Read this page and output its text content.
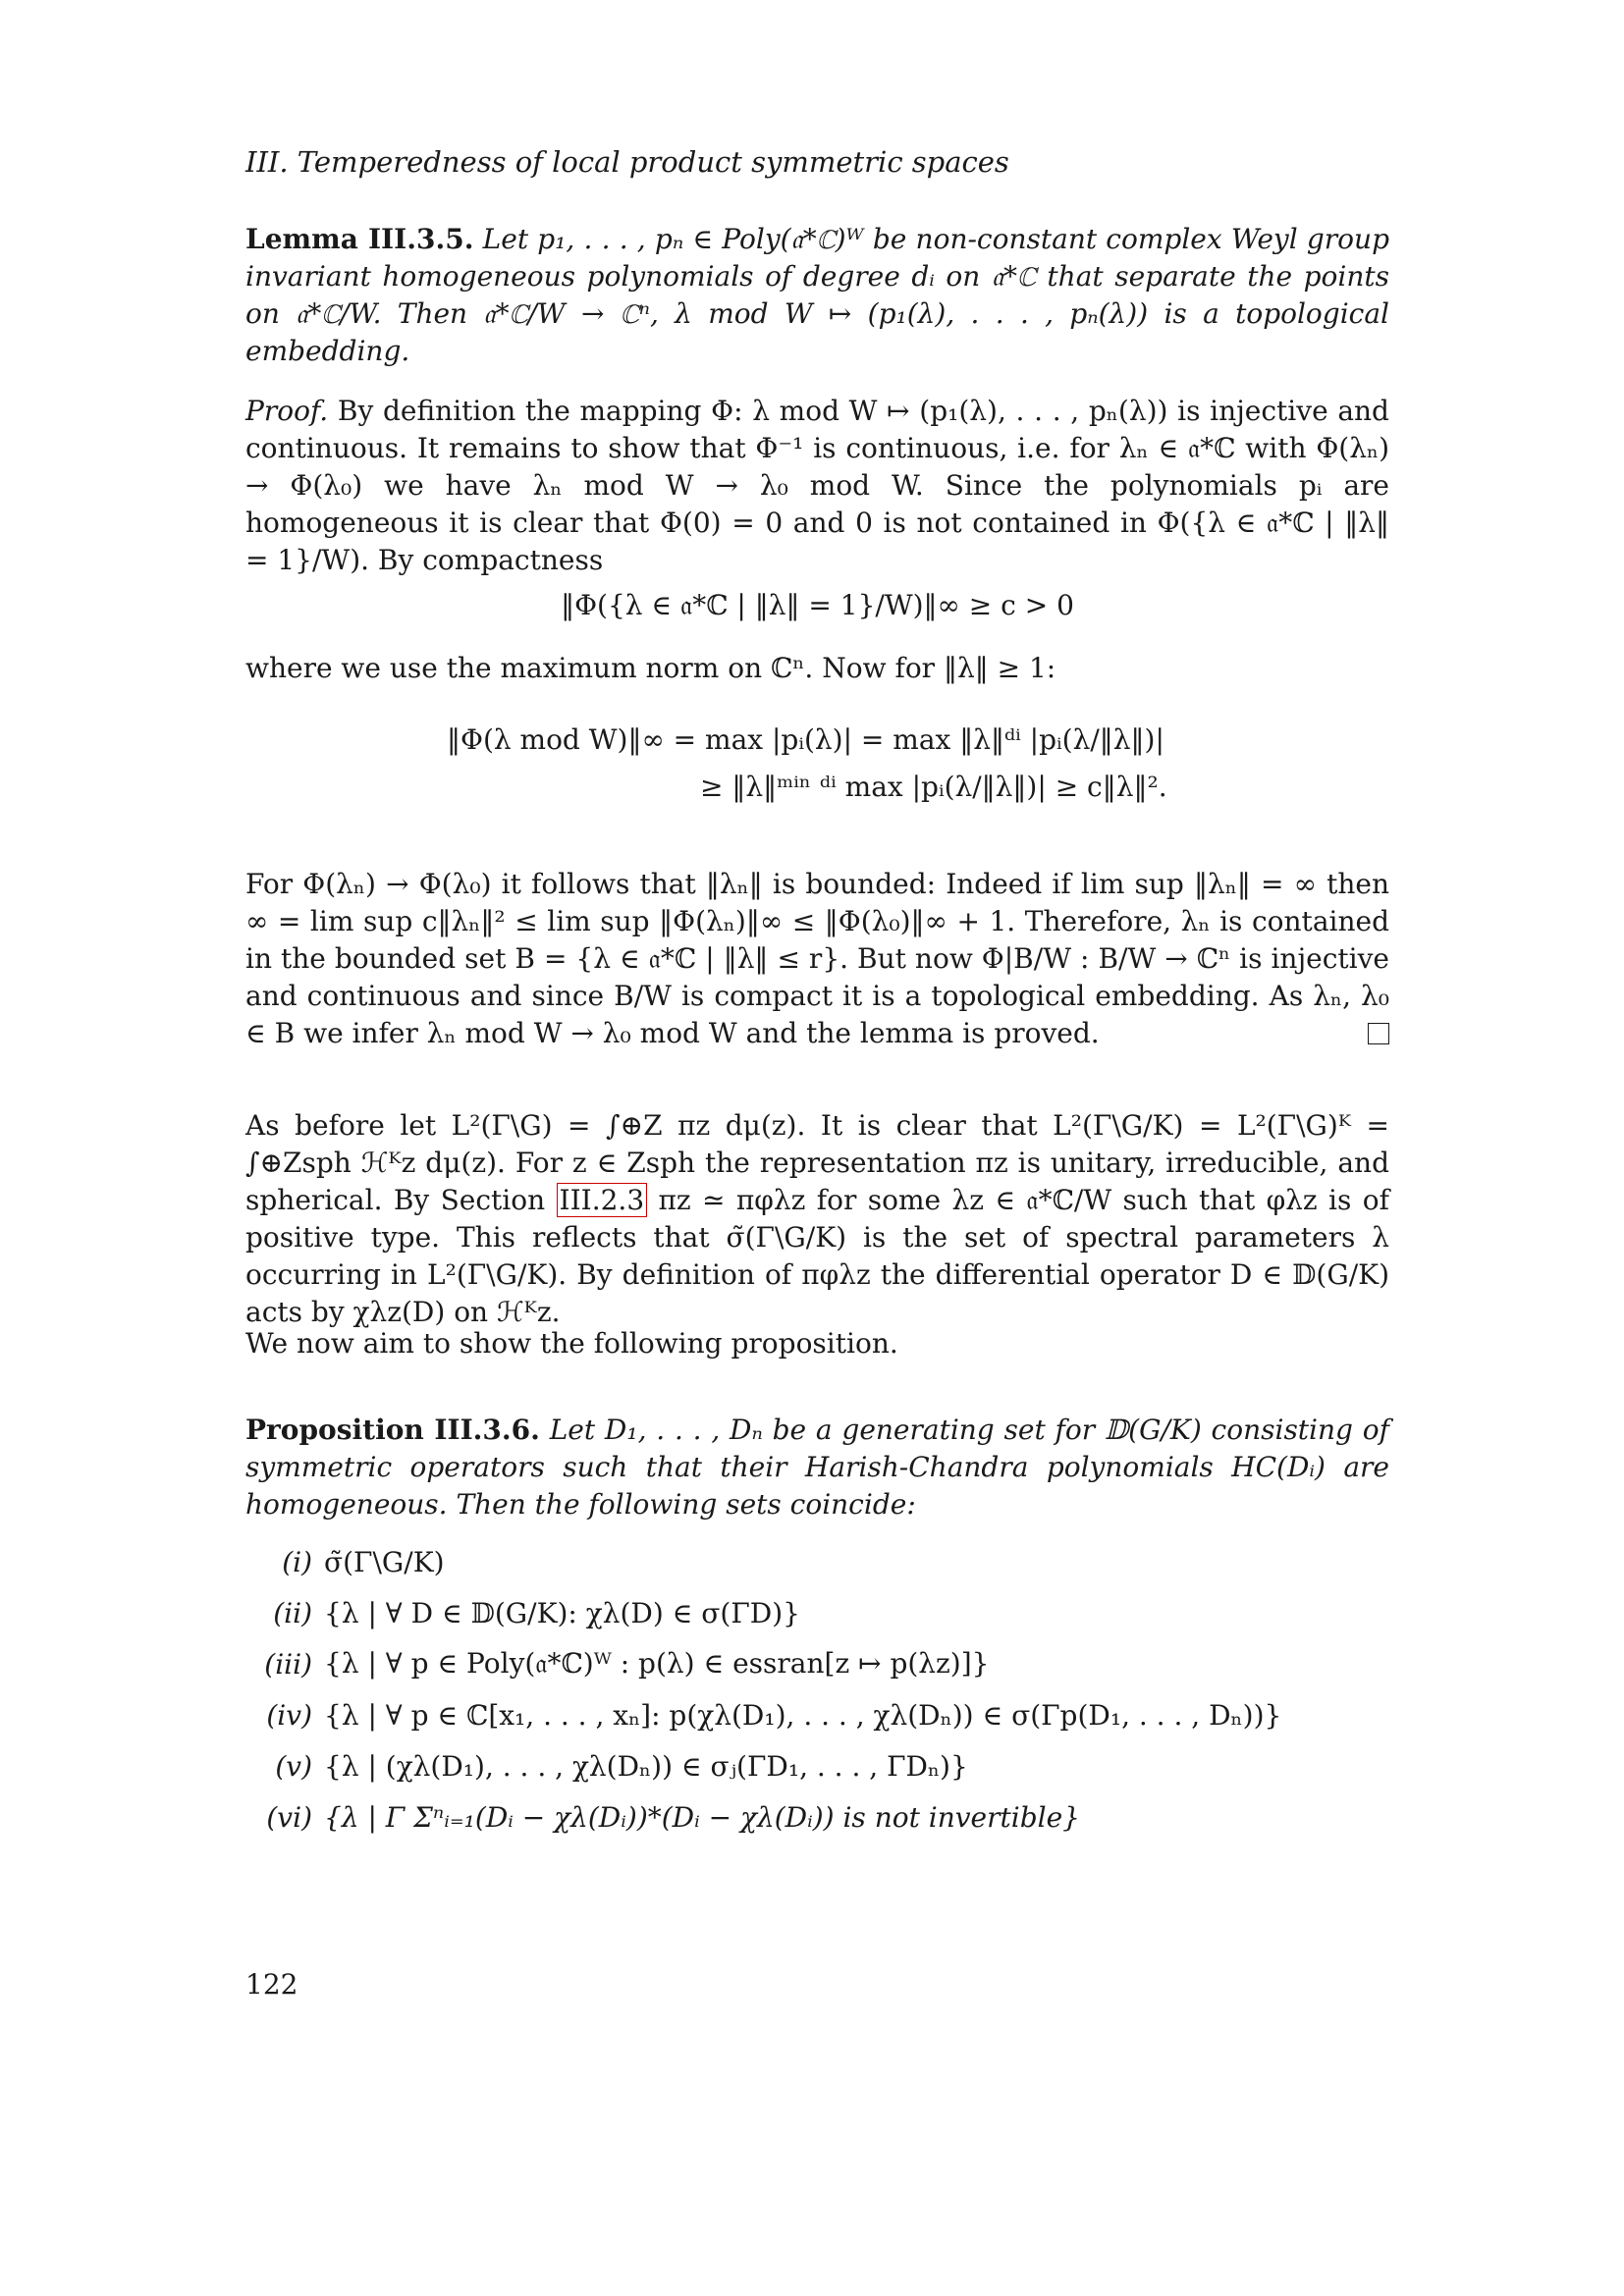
III. Temperedness of local product symmetric spaces
Lemma III.3.5. Let p₁, . . . , pₙ ∈ Poly(𝔞*ℂ)ᵂ be non-constant complex Weyl group invariant homogeneous polynomials of degree dᵢ on 𝔞*ℂ that separate the points on 𝔞*ℂ/W. Then 𝔞*ℂ/W → ℂⁿ, λ mod W ↦ (p₁(λ), . . . , pₙ(λ)) is a topological embedding.
Proof. By definition the mapping Φ: λ mod W ↦ (p₁(λ), . . . , pₙ(λ)) is injective and continuous. It remains to show that Φ⁻¹ is continuous, i.e. for λₙ ∈ 𝔞*ℂ with Φ(λₙ) → Φ(λ₀) we have λₙ mod W → λ₀ mod W. Since the polynomials pᵢ are homogeneous it is clear that Φ(0) = 0 and 0 is not contained in Φ({λ ∈ 𝔞*ℂ | ‖λ‖ = 1}/W). By compactness
‖Φ({λ ∈ 𝔞*ℂ | ‖λ‖ = 1}/W)‖∞ ≥ c > 0
where we use the maximum norm on ℂⁿ. Now for ‖λ‖ ≥ 1:
‖Φ(λ mod W)‖∞ = max |pᵢ(λ)| = max ‖λ‖ᵈⁱ |pᵢ(λ/‖λ‖)|
≥ ‖λ‖ᵐⁱⁿ ᵈⁱ max |pᵢ(λ/‖λ‖)| ≥ c‖λ‖².
For Φ(λₙ) → Φ(λ₀) it follows that ‖λₙ‖ is bounded: Indeed if lim sup ‖λₙ‖ = ∞ then ∞ = lim sup c‖λₙ‖² ≤ lim sup ‖Φ(λₙ)‖∞ ≤ ‖Φ(λ₀)‖∞ + 1. Therefore, λₙ is contained in the bounded set B = {λ ∈ 𝔞*ℂ | ‖λ‖ ≤ r}. But now Φ|B/W : B/W → ℂⁿ is injective and continuous and since B/W is compact it is a topological embedding. As λₙ, λ₀ ∈ B we infer λₙ mod W → λ₀ mod W and the lemma is proved.
As before let L²(Γ\G) = ∫⊕Z πz dμ(z). It is clear that L²(Γ\G/K) = L²(Γ\G)ᴷ = ∫⊕Zsph ℋᴷz dμ(z). For z ∈ Zsph the representation πz is unitary, irreducible, and spherical. By Section III.2.3 πz ≃ πφλz for some λz ∈ 𝔞*ℂ/W such that φλz is of positive type. This reflects that σ̃(Γ\G/K) is the set of spectral parameters λ occurring in L²(Γ\G/K). By definition of πφλz the differential operator D ∈ 𝔻(G/K) acts by χλz(D) on ℋᴷz.
We now aim to show the following proposition.
Proposition III.3.6. Let D₁, . . . , Dₙ be a generating set for 𝔻(G/K) consisting of symmetric operators such that their Harish-Chandra polynomials HC(Dᵢ) are homogeneous. Then the following sets coincide:
(i) σ̃(Γ\G/K)
(ii) {λ | ∀ D ∈ 𝔻(G/K): χλ(D) ∈ σ(ΓD)}
(iii) {λ | ∀ p ∈ Poly(𝔞*ℂ)ᵂ : p(λ) ∈ essran[z ↦ p(λz)]}
(iv) {λ | ∀ p ∈ ℂ[x₁, . . . , xₙ]: p(χλ(D₁), . . . , χλ(Dₙ)) ∈ σ(Γp(D₁, . . . , Dₙ))}
(v) {λ | (χλ(D₁), . . . , χλ(Dₙ)) ∈ σⱼ(ΓD₁, . . . , ΓDₙ)}
(vi) {λ | Γ Σⁿᵢ₌₁(Dᵢ − χλ(Dᵢ))*(Dᵢ − χλ(Dᵢ)) is not invertible}
122
